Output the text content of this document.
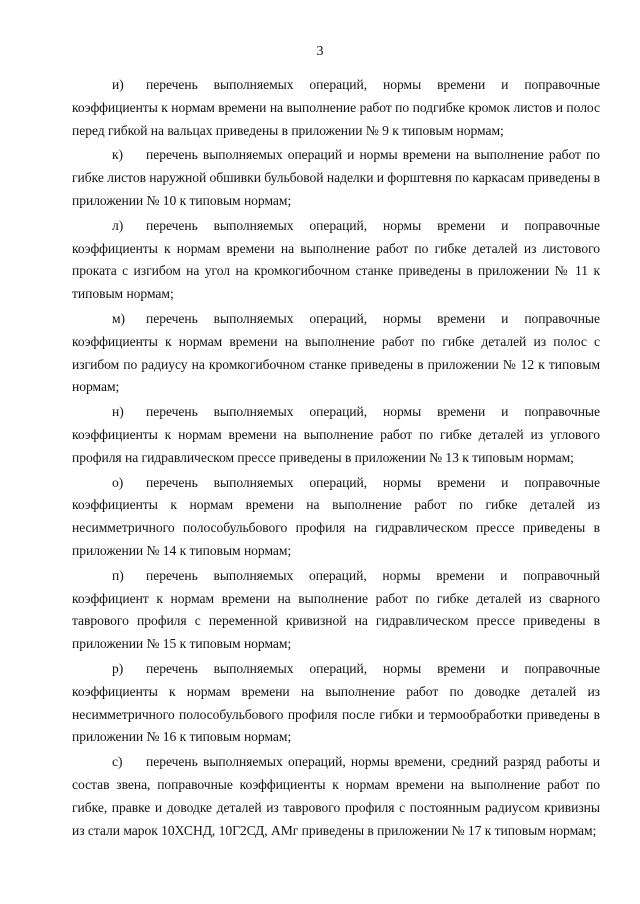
3

и) перечень выполняемых операций, нормы времени и поправочные коэффициенты к нормам времени на выполнение работ по подгибке кромок листов и полос перед гибкой на вальцах приведены в приложении № 9 к типовым нормам;

к) перечень выполняемых операций и нормы времени на выполнение работ по гибке листов наружной обшивки бульбовой наделки и форштевня по каркасам приведены в приложении № 10 к типовым нормам;

л) перечень выполняемых операций, нормы времени и поправочные коэффициенты к нормам времени на выполнение работ по гибке деталей из листового проката с изгибом на угол на кромкогибочном станке приведены в приложении № 11 к типовым нормам;

м) перечень выполняемых операций, нормы времени и поправочные коэффициенты к нормам времени на выполнение работ по гибке деталей из полос с изгибом по радиусу на кромкогибочном станке приведены в приложении № 12 к типовым нормам;

н) перечень выполняемых операций, нормы времени и поправочные коэффициенты к нормам времени на выполнение работ по гибке деталей из углового профиля на гидравлическом прессе приведены в приложении № 13 к типовым нормам;

о) перечень выполняемых операций, нормы времени и поправочные коэффициенты к нормам времени на выполнение работ по гибке деталей из несимметричного полособульбового профиля на гидравлическом прессе приведены в приложении № 14 к типовым нормам;

п) перечень выполняемых операций, нормы времени и поправочный коэффициент к нормам времени на выполнение работ по гибке деталей из сварного таврового профиля с переменной кривизной на гидравлическом прессе приведены в приложении № 15 к типовым нормам;

р) перечень выполняемых операций, нормы времени и поправочные коэффициенты к нормам времени на выполнение работ по доводке деталей из несимметричного полособульбового профиля после гибки и термообработки приведены в приложении № 16 к типовым нормам;

с) перечень выполняемых операций, нормы времени, средний разряд работы и состав звена, поправочные коэффициенты к нормам времени на выполнение работ по гибке, правке и доводке деталей из таврового профиля с постоянным радиусом кривизны из стали марок 10ХСНД, 10Г2СД, АМг приведены в приложении № 17 к типовым нормам;
